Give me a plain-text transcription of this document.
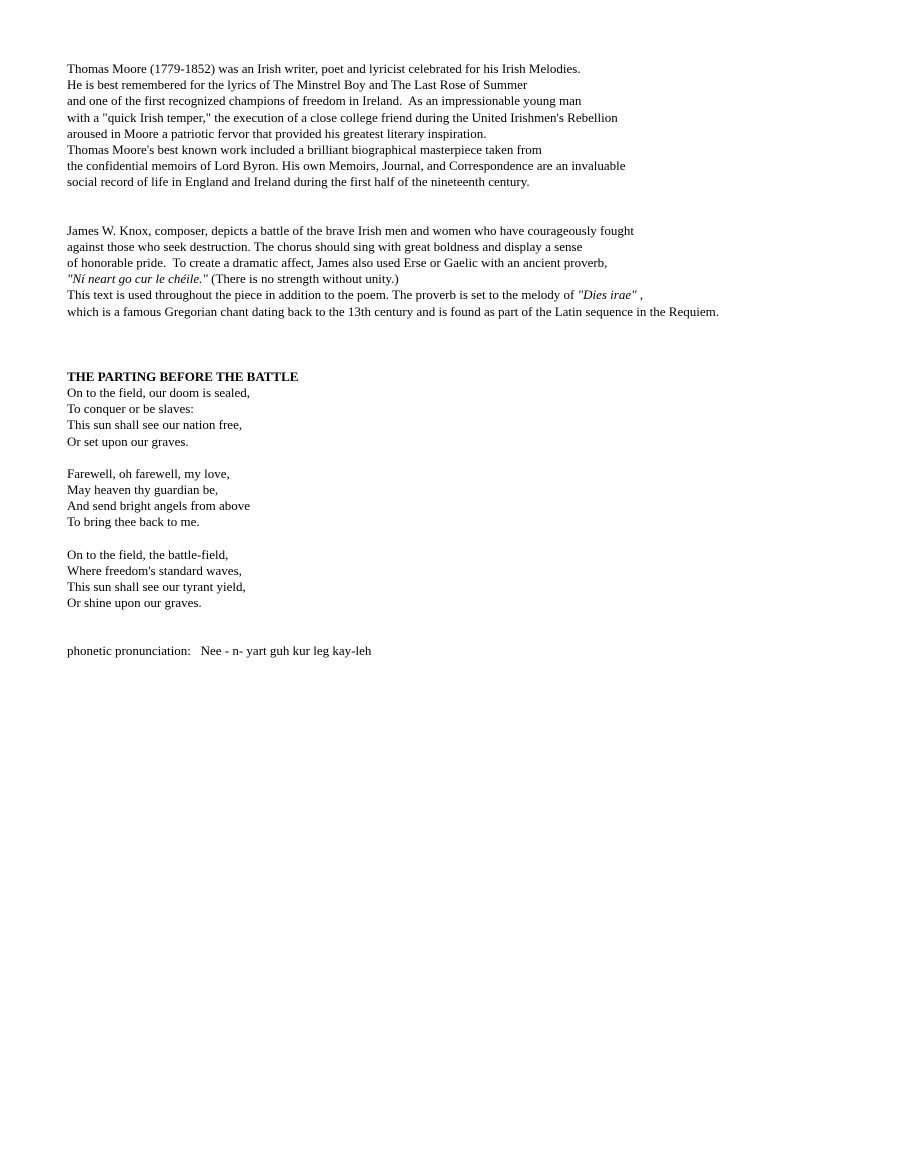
Thomas Moore (1779-1852) was an Irish writer, poet and lyricist celebrated for his Irish Melodies.
He is best remembered for the lyrics of The Minstrel Boy and The Last Rose of Summer
and one of the first recognized champions of freedom in Ireland.  As an impressionable young man
with a "quick Irish temper," the execution of a close college friend during the United Irishmen's Rebellion
aroused in Moore a patriotic fervor that provided his greatest literary inspiration.
Thomas Moore's best known work included a brilliant biographical masterpiece taken from
the confidential memoirs of Lord Byron. His own Memoirs, Journal, and Correspondence are an invaluable
social record of life in England and Ireland during the first half of the nineteenth century.
James W. Knox, composer, depicts a battle of the brave Irish men and women who have courageously fought
against those who seek destruction. The chorus should sing with great boldness and display a sense
of honorable pride.  To create a dramatic affect, James also used Erse or Gaelic with an ancient proverb,
"Ní neart go cur le chéile." (There is no strength without unity.)
This text is used throughout the piece in addition to the poem. The proverb is set to the melody of "Dies irae" ,
which is a famous Gregorian chant dating back to the 13th century and is found as part of the Latin sequence in the Requiem.
THE PARTING BEFORE THE BATTLE
On to the field, our doom is sealed,
To conquer or be slaves:
This sun shall see our nation free,
Or set upon our graves.
Farewell, oh farewell, my love,
May heaven thy guardian be,
And send bright angels from above
To bring thee back to me.
On to the field, the battle-field,
Where freedom's standard waves,
This sun shall see our tyrant yield,
Or shine upon our graves.
phonetic pronunciation: Nee - n- yart guh kur leg kay-leh
